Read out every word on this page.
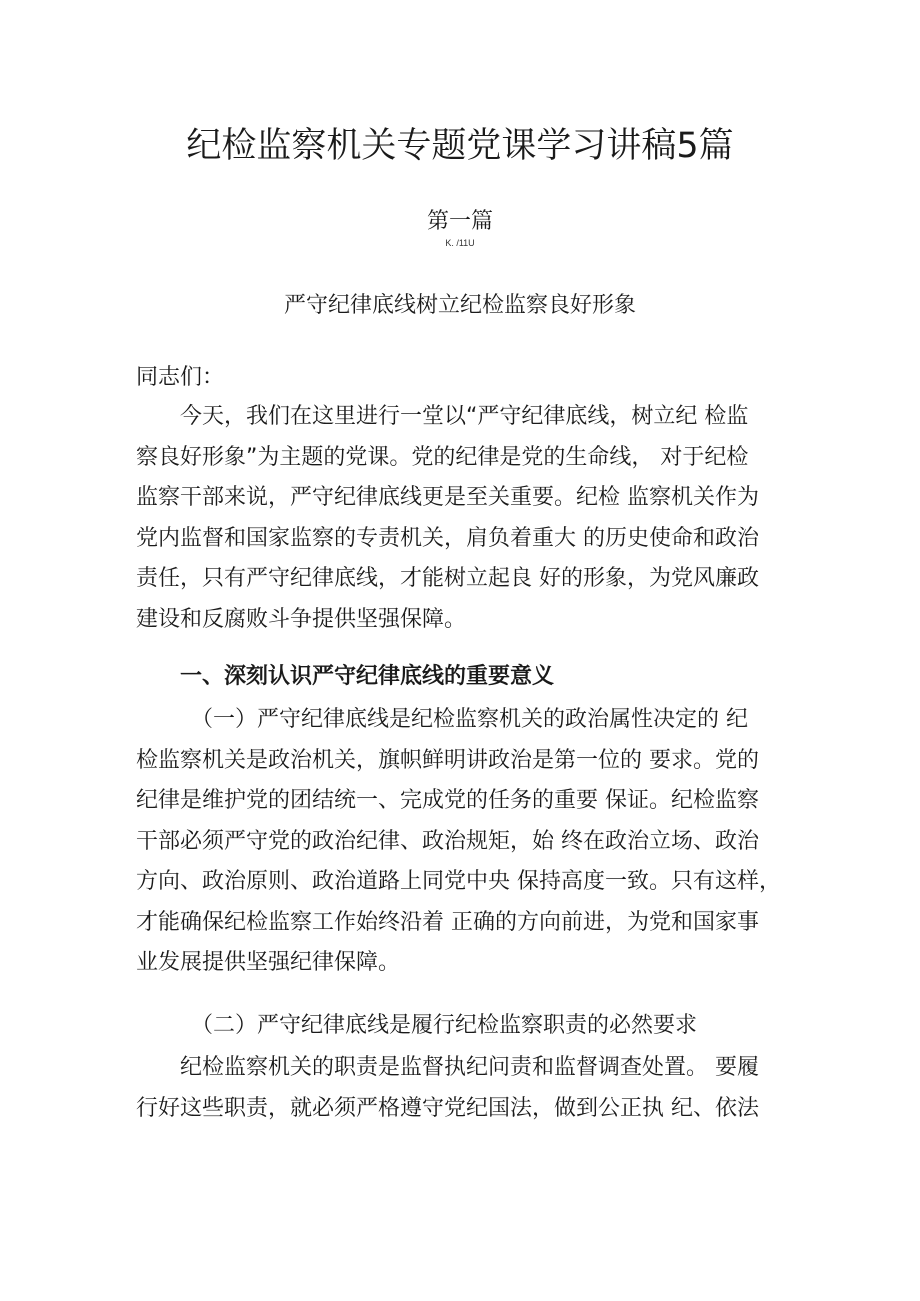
纪检监察机关专题党课学习讲稿5篇
第一篇
K. /11U
严守纪律底线树立纪检监察良好形象
同志们：
　　今天，我们在这里进行一堂以“严守纪律底线，树立纪 检监
察良好形象”为主题的党课。党的纪律是党的生命线， 对于纪检
监察干部来说，严守纪律底线更是至关重要。纪检 监察机关作为
党内监督和国家监察的专责机关，肩负着重大 的历史使命和政治
责任，只有严守纪律底线，才能树立起良 好的形象，为党风廉政
建设和反腐败斗争提供坚强保障。
　　一、深刻认识严守纪律底线的重要意义
　　　（一）严守纪律底线是纪检监察机关的政治属性决定的 纪
检监察机关是政治机关，旗帜鲜明讲政治是第一位的 要求。党的
纪律是维护党的团结统一、完成党的任务的重要 保证。纪检监察
干部必须严守党的政治纪律、政治规矩，始 终在政治立场、政治
方向、政治原则、政治道路上同党中央 保持高度一致。只有这样，
才能确保纪检监察工作始终沿着 正确的方向前进，为党和国家事
业发展提供坚强纪律保障。
　　　（二）严守纪律底线是履行纪检监察职责的必然要求
　　纪检监察机关的职责是监督执纪问责和监督调查处置。 要履
行好这些职责，就必须严格遵守党纪国法，做到公正执 纪、依法
